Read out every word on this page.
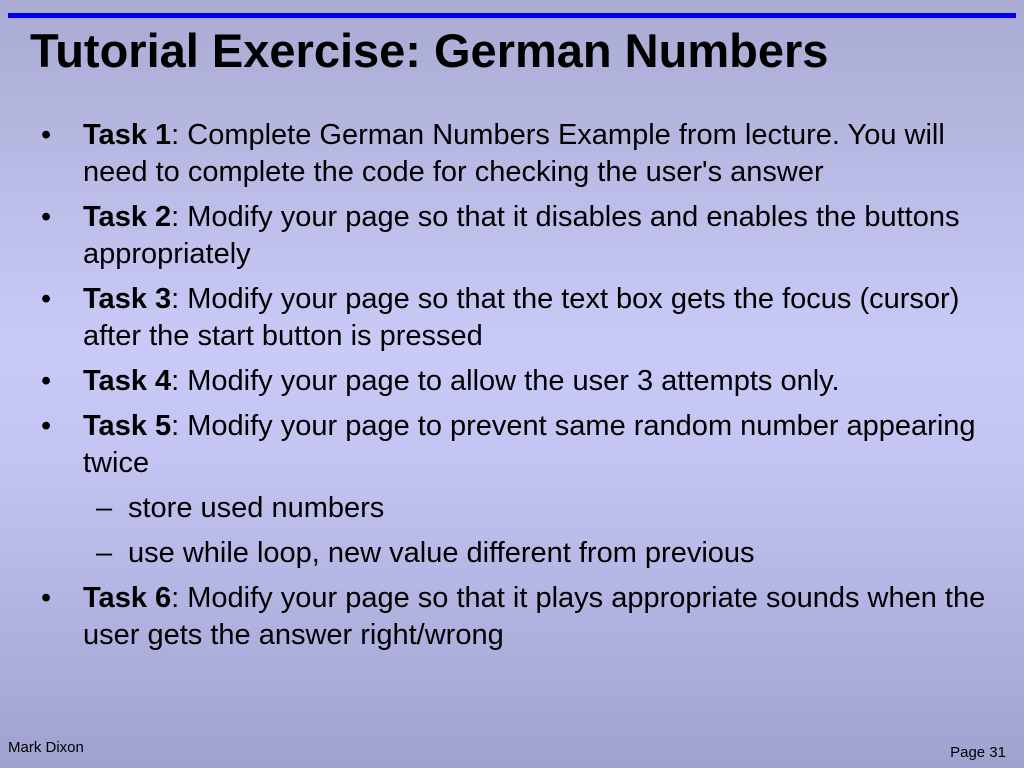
Tutorial Exercise: German Numbers
•	Task 1: Complete German Numbers Example from lecture. You will need to complete the code for checking the user's answer
•	Task 2: Modify your page so that it disables and enables the buttons appropriately
•	Task 3: Modify your page so that the text box gets the focus (cursor) after the start button is pressed
•	Task 4: Modify your page to allow the user 3 attempts only.
•	Task 5: Modify your page to prevent same random number appearing twice
– store used numbers
– use while loop, new value different from previous
•	Task 6: Modify your page so that it plays appropriate sounds when the user gets the answer right/wrong
Mark Dixon	Page 31
